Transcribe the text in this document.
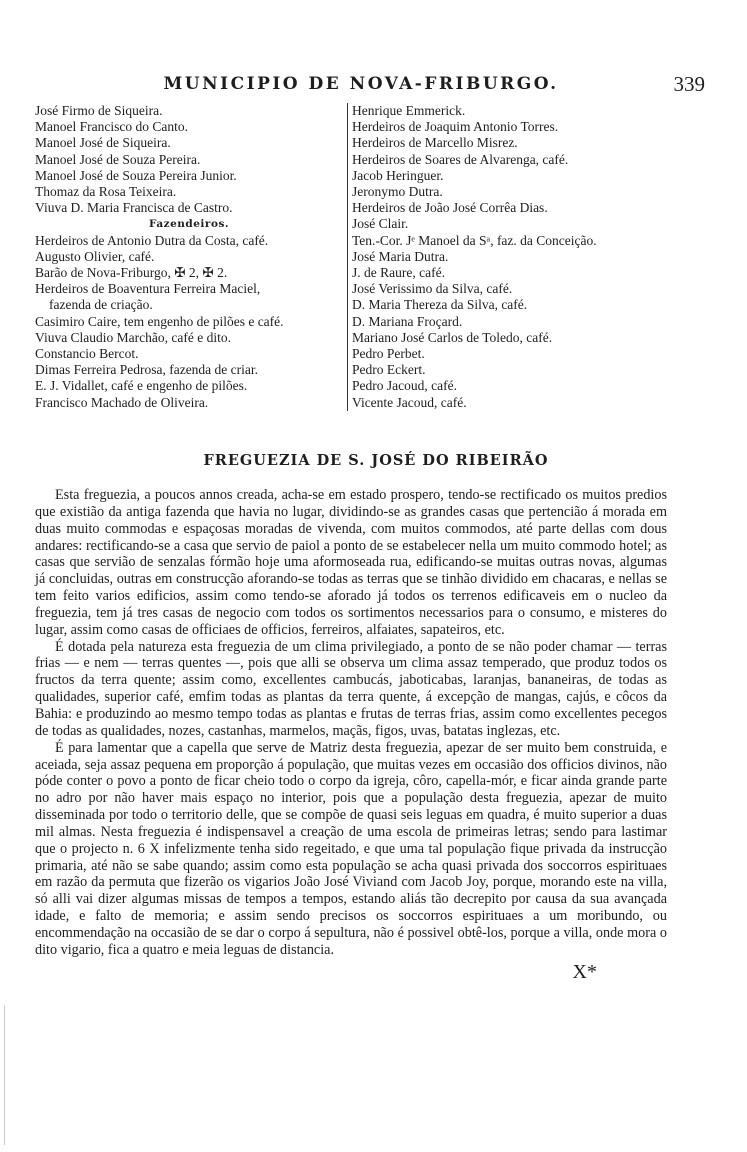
MUNICIPIO DE NOVA-FRIBURGO.	339
José Firmo de Siqueira.
Manoel Francisco do Canto.
Manoel José de Siqueira.
Manoel José de Souza Pereira.
Manoel José de Souza Pereira Junior.
Thomaz da Rosa Teixeira.
Viuva D. Maria Francisca de Castro.
Fazendeiros.
Herdeiros de Antonio Dutra da Costa, café.
Augusto Olivier, café.
Barão de Nova-Friburgo, ✠ 2, ✠ 2.
Herdeiros de Boaventura Ferreira Maciel,
fazenda de criação.
Casimiro Caire, tem engenho de pilões e café.
Viuva Claudio Marchão, café e dito.
Constancio Bercot.
Dimas Ferreira Pedrosa, fazenda de criar.
E. J. Vidallet, café e engenho de pilões.
Francisco Machado de Oliveira.
Henrique Emmerick.
Herdeiros de Joaquim Antonio Torres.
Herdeiros de Marcello Misrez.
Herdeiros de Soares de Alvarenga, café.
Jacob Heringuer.
Jeronymo Dutra.
Herdeiros de João José Corrêa Dias.
José Clair.
Ten.-Cor. Jᵉ Manoel da Sᵃ, faz. da Conceição.
José Maria Dutra.
J. de Raure, café.
José Verissimo da Silva, café.
D. Maria Thereza da Silva, café.
D. Mariana Froçard.
Mariano José Carlos de Toledo, café.
Pedro Perbet.
Pedro Eckert.
Pedro Jacoud, café.
Vicente Jacoud, café.
FREGUEZIA DE S. JOSÉ DO RIBEIRÃO

Esta freguezia, a poucos annos creada, acha-se em estado prospero, tendo-se rectificado os muitos predios que existião da antiga fazenda que havia no lugar, dividindo-se as grandes casas que pertencião á morada em duas muito commodas e espaçosas moradas de vivenda, com muitos commodos, até parte dellas com dous andares: rectificando-se a casa que servio de paiol a ponto de se estabelecer nella um muito commodo hotel; as casas que servião de senzalas fórmão hoje uma aformoseada rua, edificando-se muitas outras novas, algumas já concluidas, outras em construcção aforando-se todas as terras que se tinhão dividido em chacaras, e nellas se tem feito varios edificios, assim como tendo-se aforado já todos os terrenos edificaveis em o nucleo da freguezia, tem já tres casas de negocio com todos os sortimentos necessarios para o consumo, e misteres do lugar, assim como casas de officiaes de officios, ferreiros, alfaiates, sapateiros, etc.

É dotada pela natureza esta freguezia de um clima privilegiado, a ponto de se não poder chamar — terras frias — e nem — terras quentes —, pois que alli se observa um clima assaz temperado, que produz todos os fructos da terra quente; assim como, excellentes cambucás, jaboticabas, laranjas, bananeiras, de todas as qualidades, superior café, emfim todas as plantas da terra quente, á excepção de mangas, cajús, e côcos da Bahia: e produzindo ao mesmo tempo todas as plantas e frutas de terras frias, assim como excellentes pecegos de todas as qualidades, nozes, castanhas, marmelos, maçãs, figos, uvas, batatas inglezas, etc.

É para lamentar que a capella que serve de Matriz desta freguezia, apezar de ser muito bem construida, e aceiada, seja assaz pequena em proporção á população, que muitas vezes em occasião dos officios divinos, não póde conter o povo a ponto de ficar cheio todo o corpo da igreja, côro, capella-mór, e ficar ainda grande parte no adro por não haver mais espaço no interior, pois que a população desta freguezia, apezar de muito disseminada por todo o territorio delle, que se compõe de quasi seis leguas em quadra, é muito superior a duas mil almas. Nesta freguezia é indispensavel a creação de uma escola de primeiras letras; sendo para lastimar que o projecto n. 6 X infelizmente tenha sido regeitado, e que uma tal população fique privada da instrucção primaria, até não se sabe quando; assim como esta população se acha quasi privada dos soccorros espirituaes em razão da permuta que fizerão os vigarios João José Viviand com Jacob Joy, porque, morando este na villa, só alli vai dizer algumas missas de tempos a tempos, estando aliás tão decrepito por causa da sua avançada idade, e falto de memoria; e assim sendo precisos os soccorros espirituaes a um moribundo, ou encommendação na occasião de se dar o corpo á sepultura, não é possivel obtê-los, porque a villa, onde mora o dito vigario, fica a quatro e meia leguas de distancia.

X*
